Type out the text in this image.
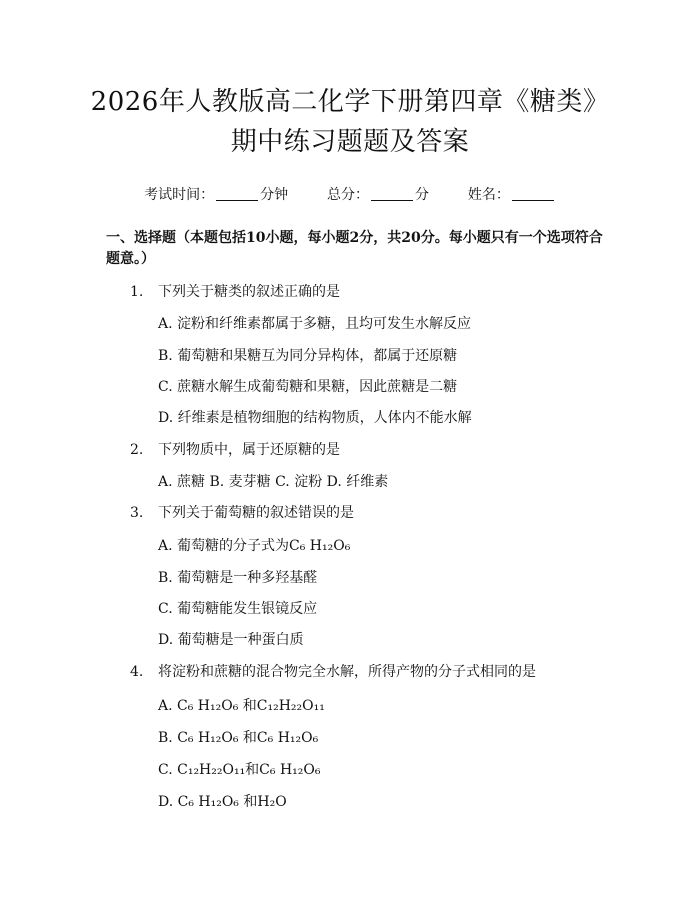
2026年人教版高二化学下册第四章《糖类》
期中练习题题及答案
考试时间：	分钟	总分：	分	姓名：
一、选择题（本题包括10小题，每小题2分，共20分。每小题只有一个选项符合题意。）
1. 下列关于糖类的叙述正确的是
A. 淀粉和纤维素都属于多糖，且均可发生水解反应
B. 葡萄糖和果糖互为同分异构体，都属于还原糖
C. 蔗糖水解生成葡萄糖和果糖，因此蔗糖是二糖
D. 纤维素是植物细胞的结构物质，人体内不能水解
2. 下列物质中，属于还原糖的是
A. 蔗糖 B. 麦芽糖 C. 淀粉 D. 纤维素
3. 下列关于葡萄糖的叙述错误的是
A. 葡萄糖的分子式为C₆ H₁₂O₆
B. 葡萄糖是一种多羟基醛
C. 葡萄糖能发生银镜反应
D. 葡萄糖是一种蛋白质
4. 将淀粉和蔗糖的混合物完全水解，所得产物的分子式相同的是
A. C₆ H₁₂O₆ 和C₁₂H₂₂O₁₁
B. C₆ H₁₂O₆ 和C₆ H₁₂O₆
C. C₁₂H₂₂O₁₁和C₆ H₁₂O₆
D. C₆ H₁₂O₆ 和H₂O
